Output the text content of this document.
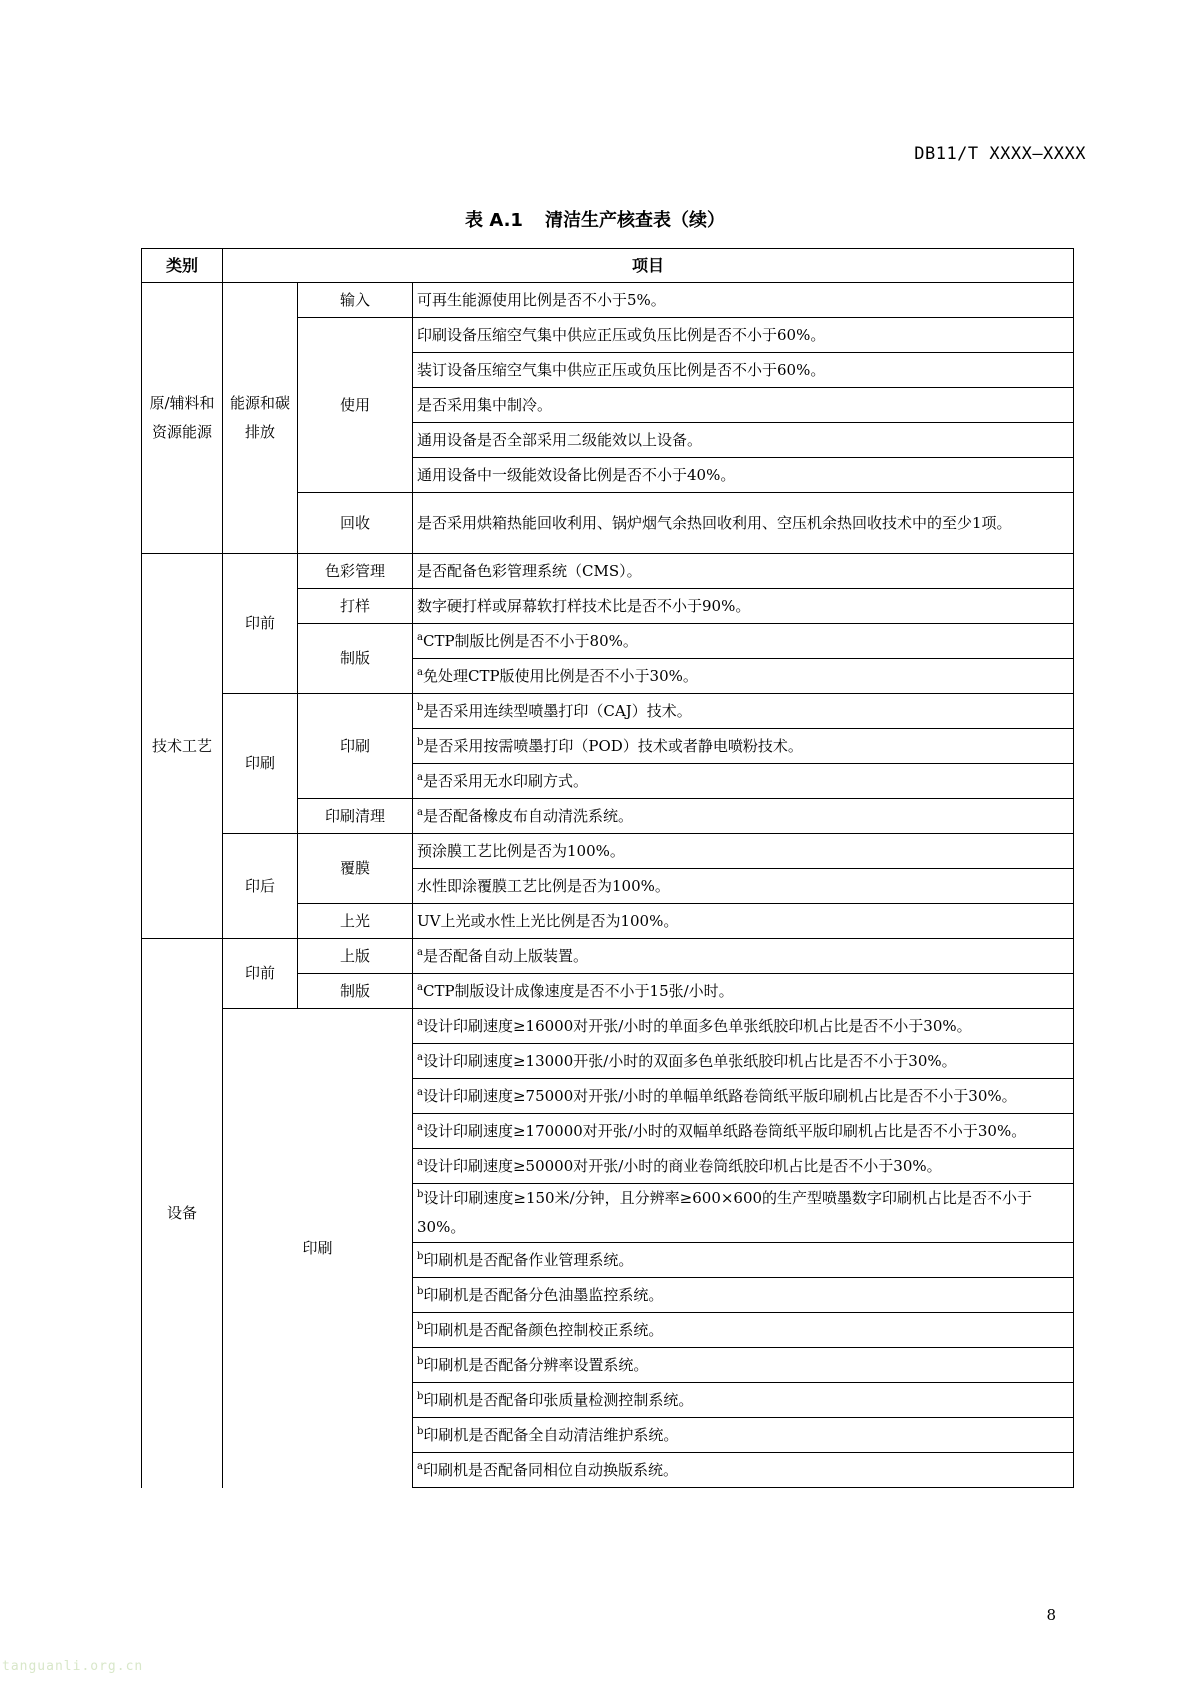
DB11/T XXXX—XXXX
表 A.1 清洁生产核查表（续）
类别	项目		
原/辅料和资源能源	能源和碳排放	输入	可再生能源使用比例是否不小于5%。
		使用	印刷设备压缩空气集中供应正压或负压比例是否不小于60%。
			装订设备压缩空气集中供应正压或负压比例是否不小于60%。
			是否采用集中制冷。
			通用设备是否全部采用二级能效以上设备。
			通用设备中一级能效设备比例是否不小于40%。
		回收	是否采用烘箱热能回收利用、锅炉烟气余热回收利用、空压机余热回收技术中的至少1项。

技术工艺	印前	色彩管理	是否配备色彩管理系统（CMS）。
		打样	数字硬打样或屏幕软打样技术比是否不小于90%。
		制版	$^a$CTP制版比例是否不小于80%。
			$^a$免处理CTP版使用比例是否不小于30%。
	印刷	印刷	$^b$是否采用连续型喷墨打印（CAJ）技术。
			$^b$是否采用按需喷墨打印（POD）技术或者静电喷粉技术。
			$^a$是否采用无水印刷方式。
		印刷清理	$^a$是否配备橡皮布自动清洗系统。
	印后	覆膜	预涂膜工艺比例是否为100%。
			水性即涂覆膜工艺比例是否为100%。
		上光	UV上光或水性上光比例是否为100%。
设备	印前	上版	$^a$是否配备自动上版装置。
		制版	$^a$CTP制版设计成像速度是否不小于15张/小时。
	印刷		$^a$设计印刷速度≥16000对开张/小时的单面多色单张纸胶印机占比是否不小于30%。
			$^a$设计印刷速度≥13000开张/小时的双面多色单张纸胶印机占比是否不小于30%。
			$^a$设计印刷速度≥75000对开张/小时的单幅单纸路卷筒纸平版印刷机占比是否不小于30%。
			$^a$设计印刷速度≥170000对开张/小时的双幅单纸路卷筒纸平版印刷机占比是否不小于30%。
			$^a$设计印刷速度≥50000对开张/小时的商业卷筒纸胶印机占比是否不小于30%。
			$^b$设计印刷速度≥150米/分钟，且分辨率≥600×600的生产型喷墨数字印刷机占比是否不小于30%。
			$^b$印刷机是否配备作业管理系统。
			$^b$印刷机是否配备分色油墨监控系统。
			$^b$印刷机是否配备颜色控制校正系统。
			$^b$印刷机是否配备分辨率设置系统。
			$^b$印刷机是否配备印张质量检测控制系统。
			$^b$印刷机是否配备全自动清洁维护系统。
			$^a$印刷机是否配备同相位自动换版系统。
8
tanguanli.org.cn
